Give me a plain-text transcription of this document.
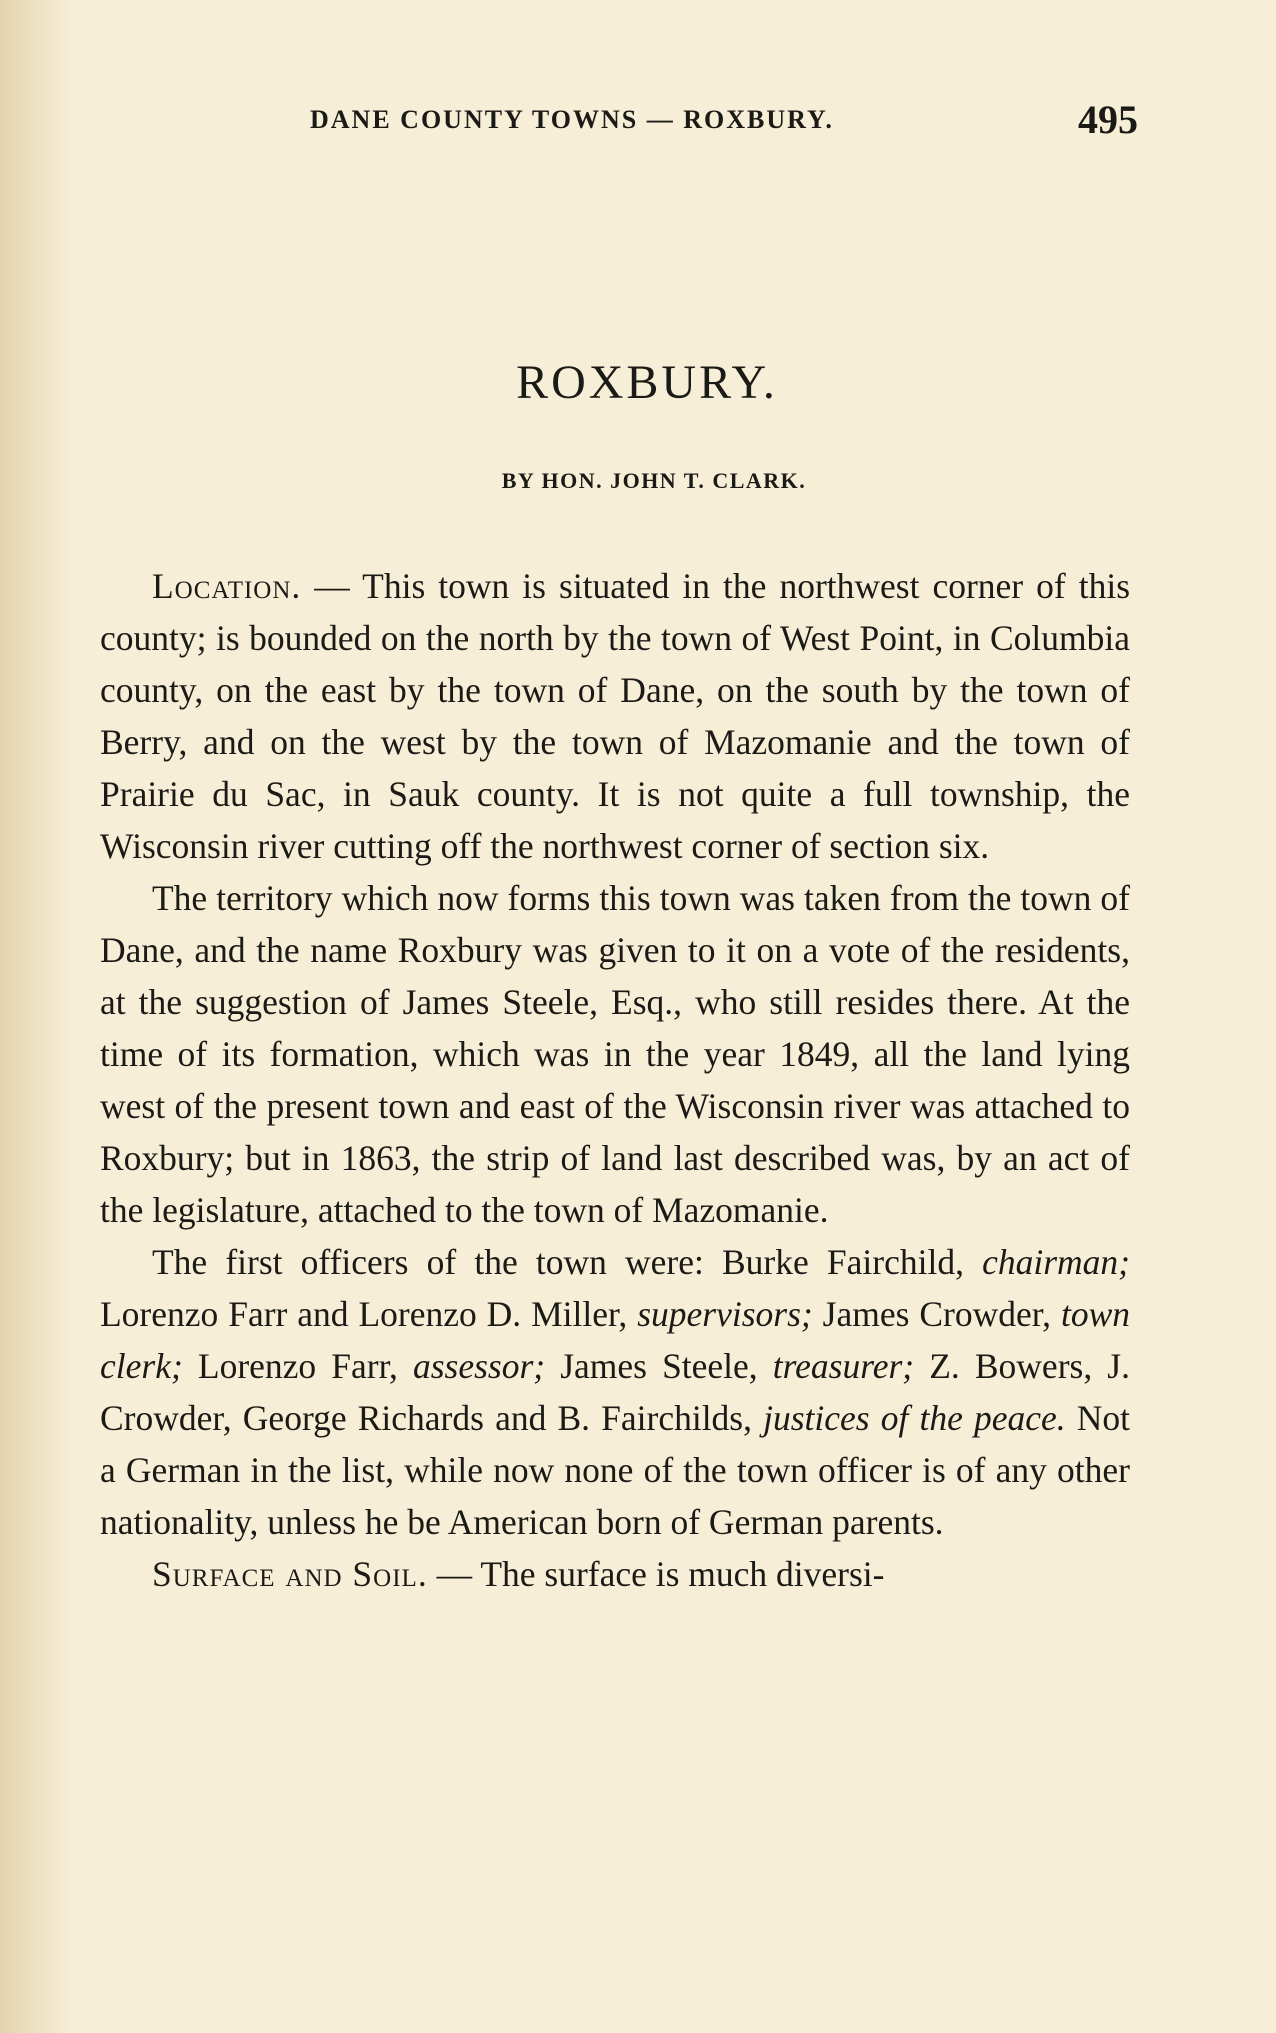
DANE COUNTY TOWNS — ROXBURY.	495
ROXBURY.
BY HON. JOHN T. CLARK.

Location. — This town is situated in the northwest corner of this county; is bounded on the north by the town of West Point, in Columbia county, on the east by the town of Dane, on the south by the town of Berry, and on the west by the town of Mazomanie and the town of Prairie du Sac, in Sauk county. It is not quite a full township, the Wisconsin river cutting off the northwest corner of section six.

The territory which now forms this town was taken from the town of Dane, and the name Roxbury was given to it on a vote of the residents, at the suggestion of James Steele, Esq., who still resides there. At the time of its formation, which was in the year 1849, all the land lying west of the present town and east of the Wisconsin river was attached to Roxbury; but in 1863, the strip of land last described was, by an act of the legislature, attached to the town of Mazomanie.

The first officers of the town were: Burke Fairchild, chairman; Lorenzo Farr and Lorenzo D. Miller, supervisors; James Crowder, town clerk; Lorenzo Farr, assessor; James Steele, treasurer; Z. Bowers, J. Crowder, George Richards and B. Fairchilds, justices of the peace. Not a German in the list, while now none of the town officer is of any other nationality, unless he be American born of German parents.

Surface and Soil. — The surface is much diversi-
